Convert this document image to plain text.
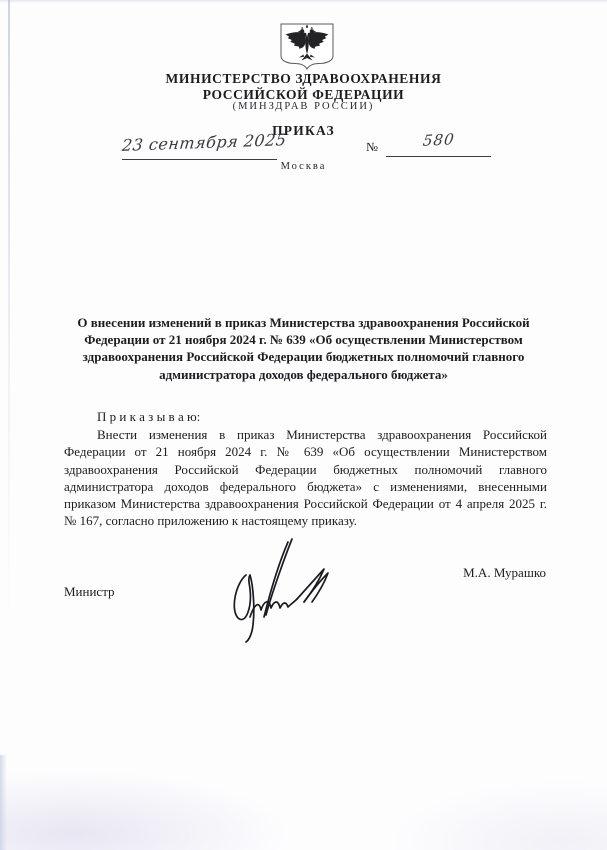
МИНИСТЕРСТВО ЗДРАВООХРАНЕНИЯ
РОССИЙСКОЙ ФЕДЕРАЦИИ
(МИНЗДРАВ РОССИИ)
ПРИКАЗ
23 сентября 2025	№	580
Москва
О внесении изменений в приказ Министерства здравоохранения Российской
Федерации от 21 ноября 2024 г. № 639 «Об осуществлении Министерством
здравоохранения Российской Федерации бюджетных полномочий главного
администратора доходов федерального бюджета»
П р и к а з ы в а ю:
Внести изменения в приказ Министерства здравоохранения Российской Федерации от 21 ноября 2024 г. № 639 «Об осуществлении Министерством здравоохранения Российской Федерации бюджетных полномочий главного администратора доходов федерального бюджета» с изменениями, внесенными приказом Министерства здравоохранения Российской Федерации от 4 апреля 2025 г. № 167, согласно приложению к настоящему приказу.
Министр
М.А. Мурашко
